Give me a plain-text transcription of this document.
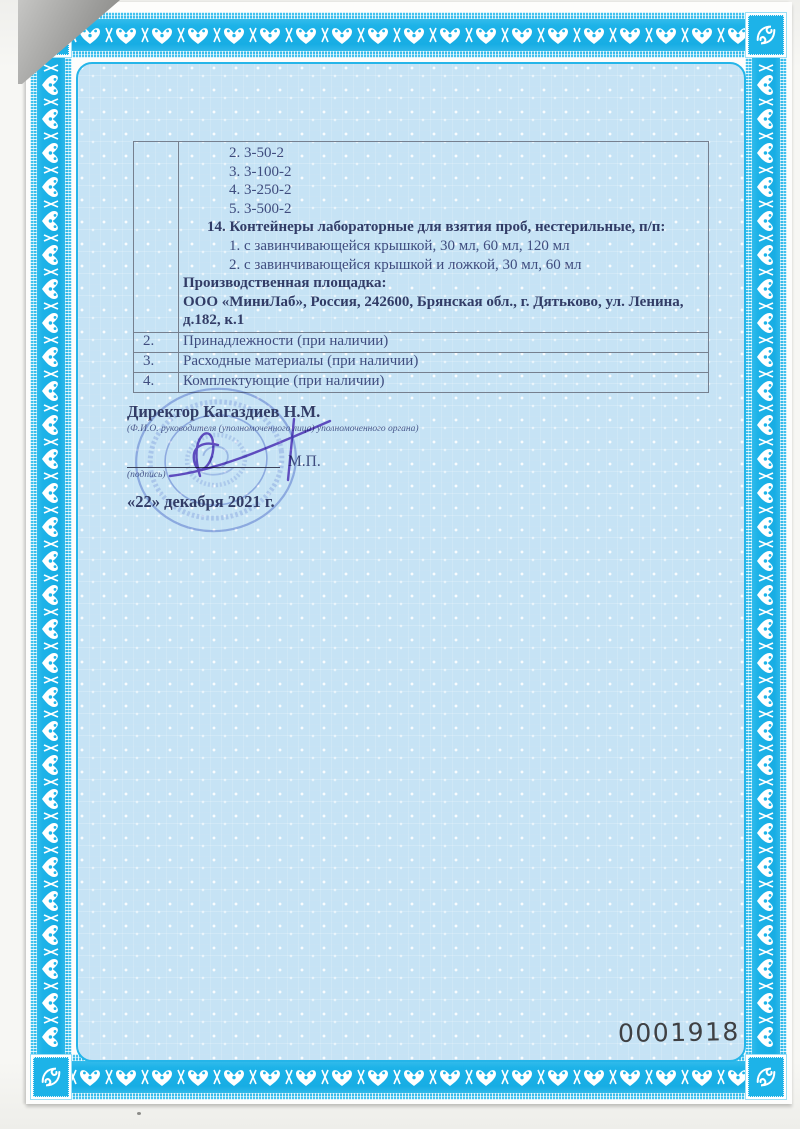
2. 3-50-2
3. 3-100-2
4. 3-250-2
5. 3-500-2
14. Контейнеры лабораторные для взятия проб, нестерильные, п/п:
1. с завинчивающейся крышкой, 30 мл, 60 мл, 120 мл
2. с завинчивающейся крышкой и ложкой, 30 мл, 60 мл
Производственная площадка:
ООО «МиниЛаб», Россия, 242600, Брянская обл., г. Дятьково, ул. Ленина,
д.182, к.1

2.	Принадлежности (при наличии)
3.	Расходные материалы (при наличии)
4.	Комплектующие (при наличии)
Директор Кагаздиев Н.М.
(Ф.И.О. руководителя (уполномоченного лица) уполномоченного органа)
М.П.
(подпись)
«22» декабря 2021 г.
0001918
